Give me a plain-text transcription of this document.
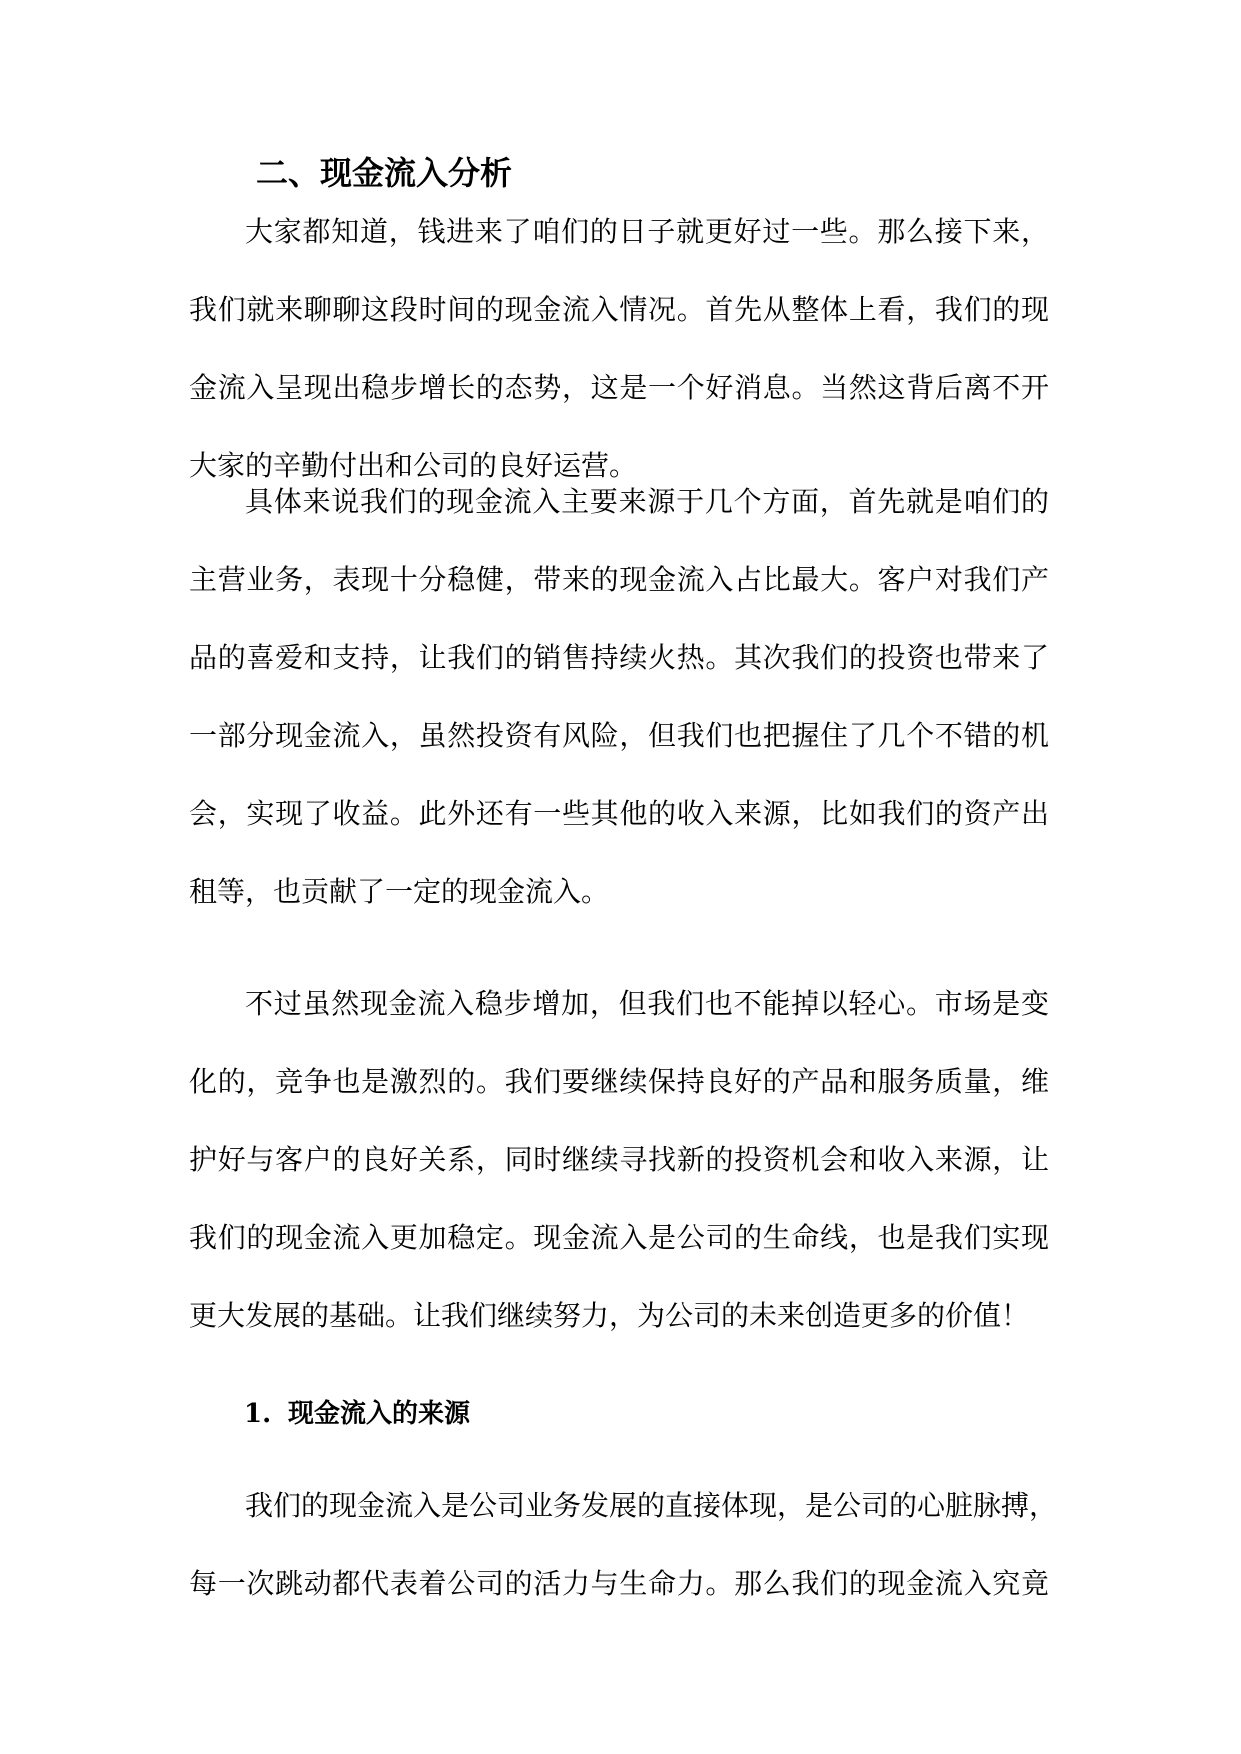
二、现金流入分析
大家都知道，钱进来了咱们的日子就更好过一些。那么接下来，
我们就来聊聊这段时间的现金流入情况。首先从整体上看，我们的现
金流入呈现出稳步增长的态势，这是一个好消息。当然这背后离不开
大家的辛勤付出和公司的良好运营。
具体来说我们的现金流入主要来源于几个方面，首先就是咱们的
主营业务，表现十分稳健，带来的现金流入占比最大。客户对我们产
品的喜爱和支持，让我们的销售持续火热。其次我们的投资也带来了
一部分现金流入，虽然投资有风险，但我们也把握住了几个不错的机
会，实现了收益。此外还有一些其他的收入来源，比如我们的资产出
租等，也贡献了一定的现金流入。
不过虽然现金流入稳步增加，但我们也不能掉以轻心。市场是变
化的，竞争也是激烈的。我们要继续保持良好的产品和服务质量，维
护好与客户的良好关系，同时继续寻找新的投资机会和收入来源，让
我们的现金流入更加稳定。现金流入是公司的生命线，也是我们实现
更大发展的基础。让我们继续努力，为公司的未来创造更多的价值！
1. 现金流入的来源
我们的现金流入是公司业务发展的直接体现，是公司的心脏脉搏，
每一次跳动都代表着公司的活力与生命力。那么我们的现金流入究竟
